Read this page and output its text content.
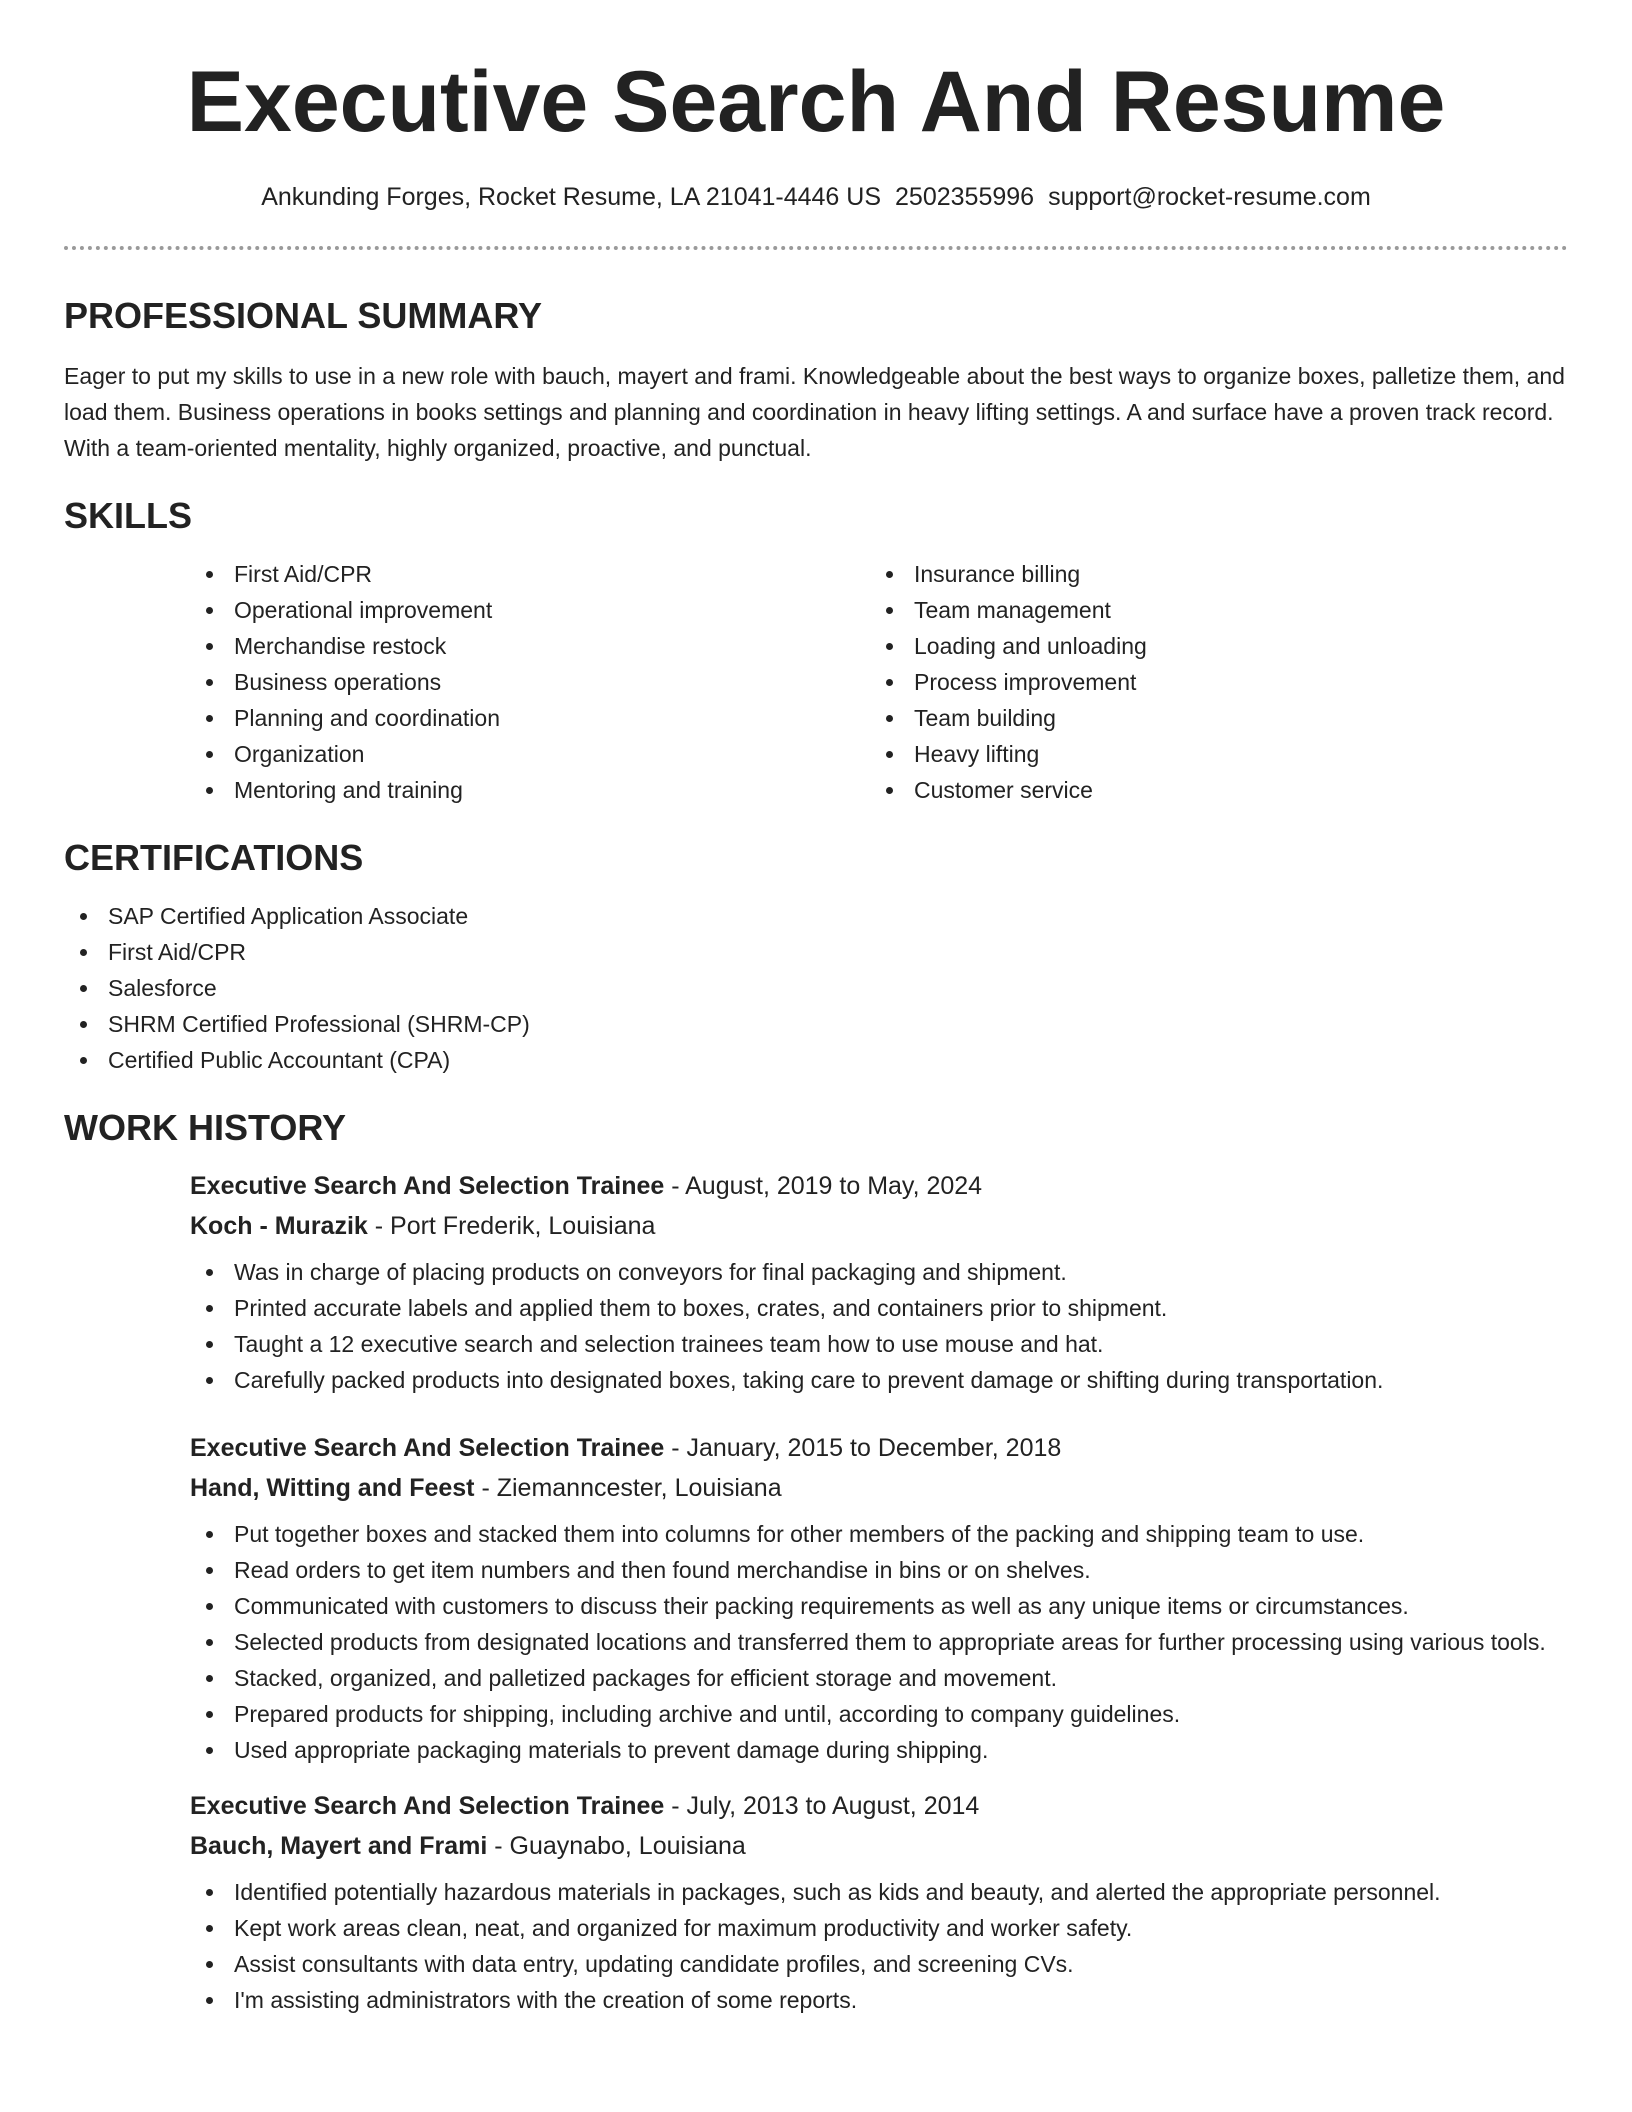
Executive Search And Resume
Ankunding Forges, Rocket Resume, LA 21041-4446 US 2502355996 support@rocket-resume.com
PROFESSIONAL SUMMARY

Eager to put my skills to use in a new role with bauch, mayert and frami. Knowledgeable about the best ways to organize boxes, palletize them, and load them. Business operations in books settings and planning and coordination in heavy lifting settings. A and surface have a proven track record. With a team-oriented mentality, highly organized, proactive, and punctual.

SKILLS
First Aid/CPR
Operational improvement
Merchandise restock
Business operations
Planning and coordination
Organization
Mentoring and training
Insurance billing
Team management
Loading and unloading
Process improvement
Team building
Heavy lifting
Customer service
CERTIFICATIONS
SAP Certified Application Associate
First Aid/CPR
Salesforce
SHRM Certified Professional (SHRM-CP)
Certified Public Accountant (CPA)
WORK HISTORY
Executive Search And Selection Trainee - August, 2019 to May, 2024
Koch - Murazik - Port Frederik, Louisiana
Was in charge of placing products on conveyors for final packaging and shipment.
Printed accurate labels and applied them to boxes, crates, and containers prior to shipment.
Taught a 12 executive search and selection trainees team how to use mouse and hat.
Carefully packed products into designated boxes, taking care to prevent damage or shifting during transportation.
Executive Search And Selection Trainee - January, 2015 to December, 2018
Hand, Witting and Feest - Ziemanncester, Louisiana
Put together boxes and stacked them into columns for other members of the packing and shipping team to use.
Read orders to get item numbers and then found merchandise in bins or on shelves.
Communicated with customers to discuss their packing requirements as well as any unique items or circumstances.
Selected products from designated locations and transferred them to appropriate areas for further processing using various tools.
Stacked, organized, and palletized packages for efficient storage and movement.
Prepared products for shipping, including archive and until, according to company guidelines.
Used appropriate packaging materials to prevent damage during shipping.
Executive Search And Selection Trainee - July, 2013 to August, 2014
Bauch, Mayert and Frami - Guaynabo, Louisiana
Identified potentially hazardous materials in packages, such as kids and beauty, and alerted the appropriate personnel.
Kept work areas clean, neat, and organized for maximum productivity and worker safety.
Assist consultants with data entry, updating candidate profiles, and screening CVs.
I'm assisting administrators with the creation of some reports.
